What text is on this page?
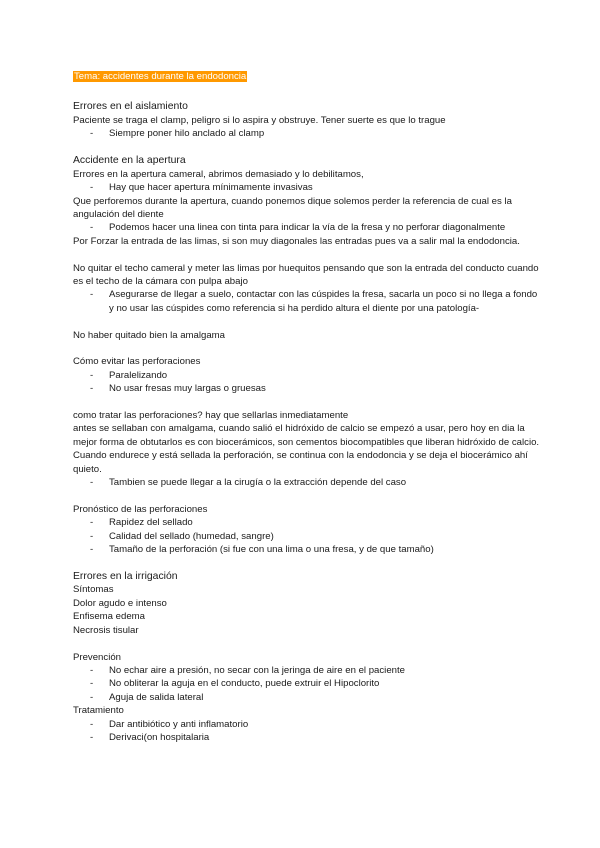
Tema: accidentes durante la endodoncia
Errores en el aislamiento
Paciente se traga el clamp, peligro si lo aspira y obstruye. Tener suerte es que lo trague
- Siempre poner hilo anclado al clamp
Accidente en la apertura
Errores en la apertura cameral, abrimos demasiado y lo debilitamos,
- Hay que hacer apertura mínimamente invasivas
Que perforemos durante la apertura, cuando ponemos dique solemos perder la referencia de cual es la angulación del diente
- Podemos hacer una linea con tinta para indicar la vía de la fresa y no perforar diagonalmente
Por Forzar la entrada de las limas, si son muy diagonales las entradas pues va a salir mal la endodoncia.
No quitar el techo cameral y meter las limas por huequitos pensando que son la entrada del conducto cuando es el techo de la cámara con pulpa abajo
- Asegurarse de llegar a suelo, contactar con las cúspides la fresa, sacarla un poco si no llega a fondo y no usar las cúspides como referencia si ha perdido altura el diente por una patología-
No haber quitado bien la amalgama
Cómo evitar las perforaciones
- Paralelizando
- No usar fresas muy largas o gruesas
como tratar las perforaciones? hay que sellarlas inmediatamente
antes se sellaban con amalgama, cuando salió el hidróxido de calcio se empezó a usar, pero hoy en dia la mejor forma de obtutarlos es con biocerámicos, son cementos biocompatibles que liberan hidróxido de calcio. Cuando endurece y está sellada la perforación, se continua con la endodoncia y se deja el biocerámico ahí quieto.
- Tambien se puede llegar a la cirugía o la extracción depende del caso
Pronóstico de las perforaciones
- Rapidez del sellado
- Calidad del sellado (humedad, sangre)
- Tamaño de la perforación (si fue con una lima o una fresa, y de que tamaño)
Errores en la irrigación
Síntomas
Dolor agudo e intenso
Enfisema edema
Necrosis tisular
Prevención
- No echar aire a presión, no secar con la jeringa de aire en el paciente
- No obliterar la aguja en el conducto, puede extruir el Hipoclorito
- Aguja de salida lateral
Tratamiento
- Dar antibiótico y anti inflamatorio
- Derivaci(on hospitalaria
